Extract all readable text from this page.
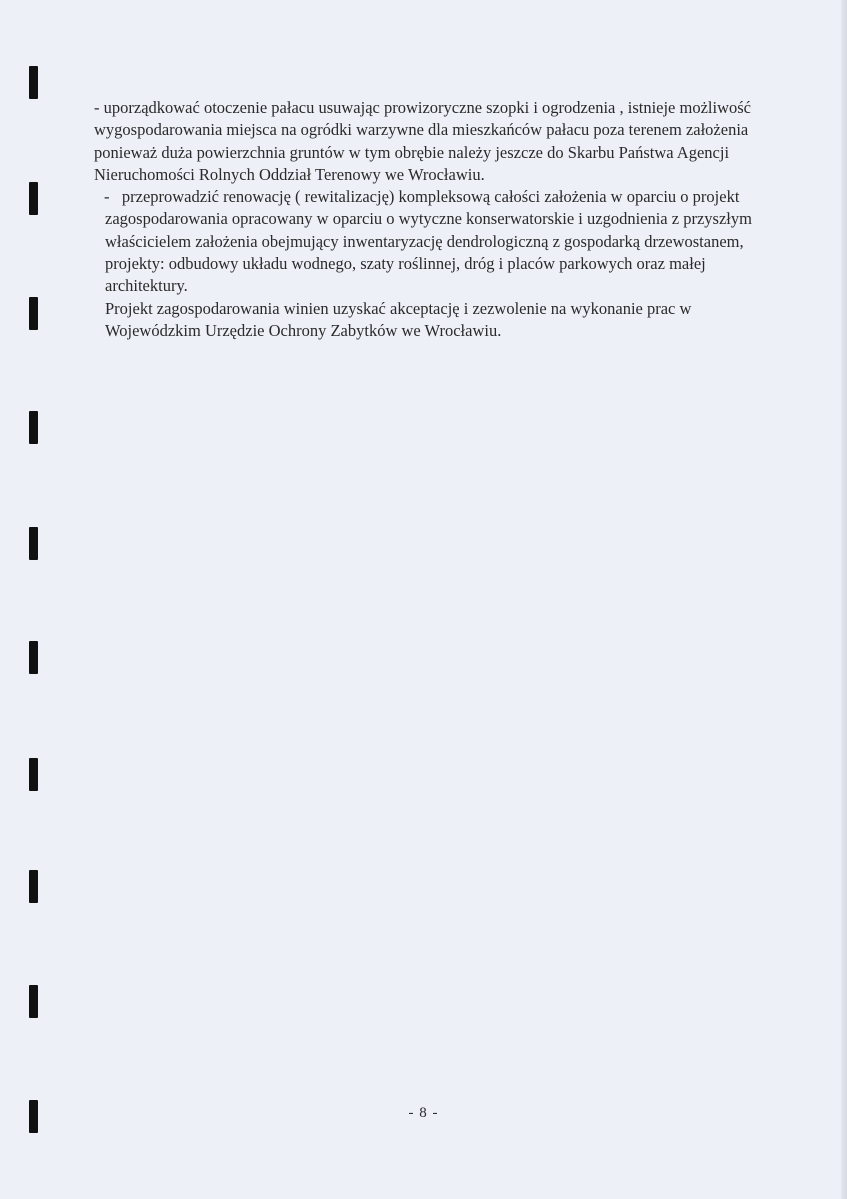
- uporządkować otoczenie pałacu usuwając prowizoryczne szopki i ogrodzenia , istnieje możliwość

wygospodarowania miejsca na ogródki warzywne dla mieszkańców pałacu poza terenem założenia

ponieważ duża powierzchnia gruntów w tym obrębie należy jeszcze do Skarbu Państwa Agencji

Nieruchomości Rolnych Oddział Terenowy we Wrocławiu.

-   przeprowadzić renowację ( rewitalizację) kompleksową całości założenia w oparciu o projekt

zagospodarowania opracowany w oparciu o wytyczne konserwatorskie i uzgodnienia z przyszłym

właścicielem założenia obejmujący inwentaryzację dendrologiczną z gospodarką drzewostanem,

projekty: odbudowy układu wodnego, szaty roślinnej, dróg i placów parkowych oraz małej

architektury.

Projekt zagospodarowania winien uzyskać akceptację i zezwolenie na wykonanie prac w

Wojewódzkim Urzędzie Ochrony Zabytków we Wrocławiu.

- 8 -
